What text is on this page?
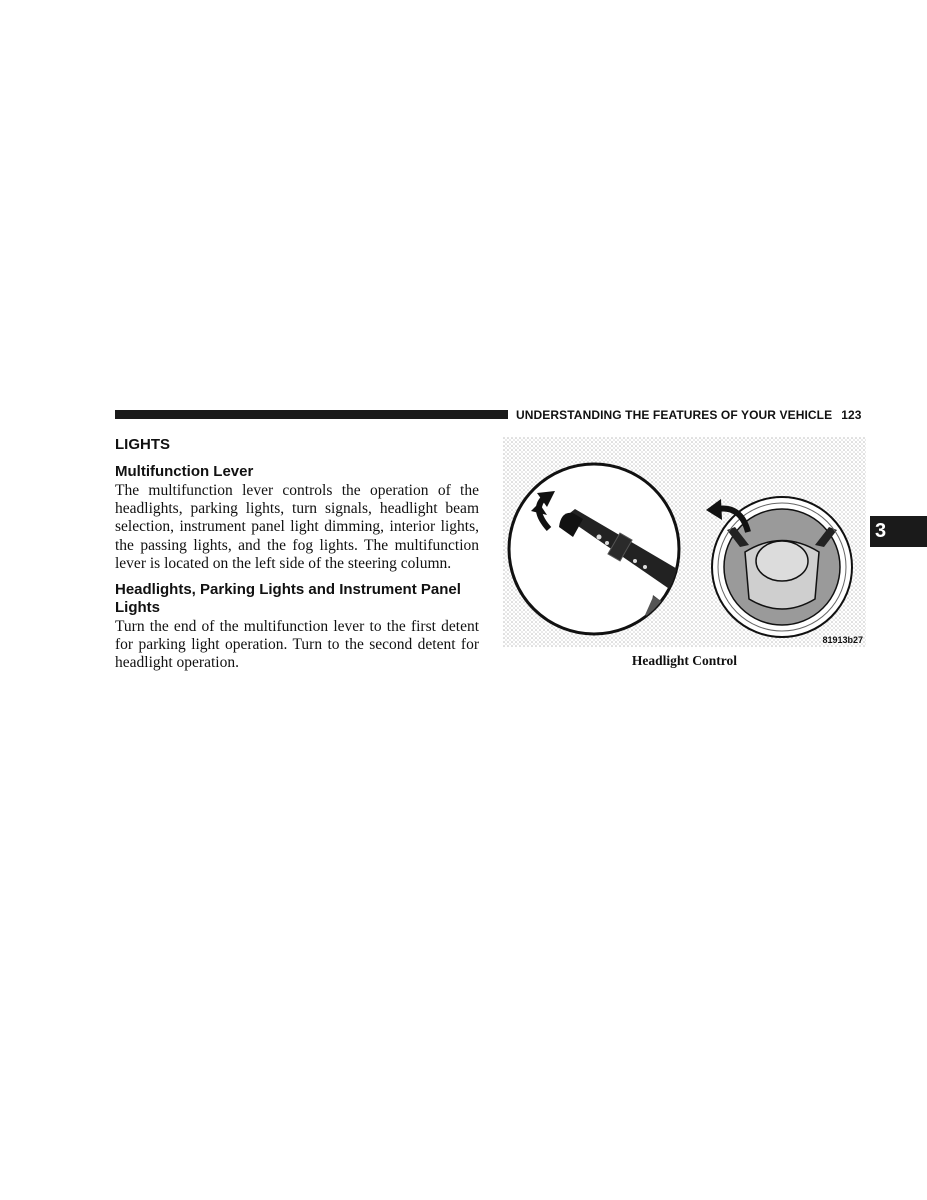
UNDERSTANDING THE FEATURES OF YOUR VEHICLE 123
LIGHTS
Multifunction Lever

The multifunction lever controls the operation of the headlights, parking lights, turn signals, headlight beam selection, instrument panel light dimming, interior lights, the passing lights, and the fog lights. The multifunction lever is located on the left side of the steering column.

Headlights, Parking Lights and Instrument Panel Lights

Turn the end of the multifunction lever to the first detent for parking light operation. Turn to the second detent for headlight operation.

81913b27
Headlight Control
3
